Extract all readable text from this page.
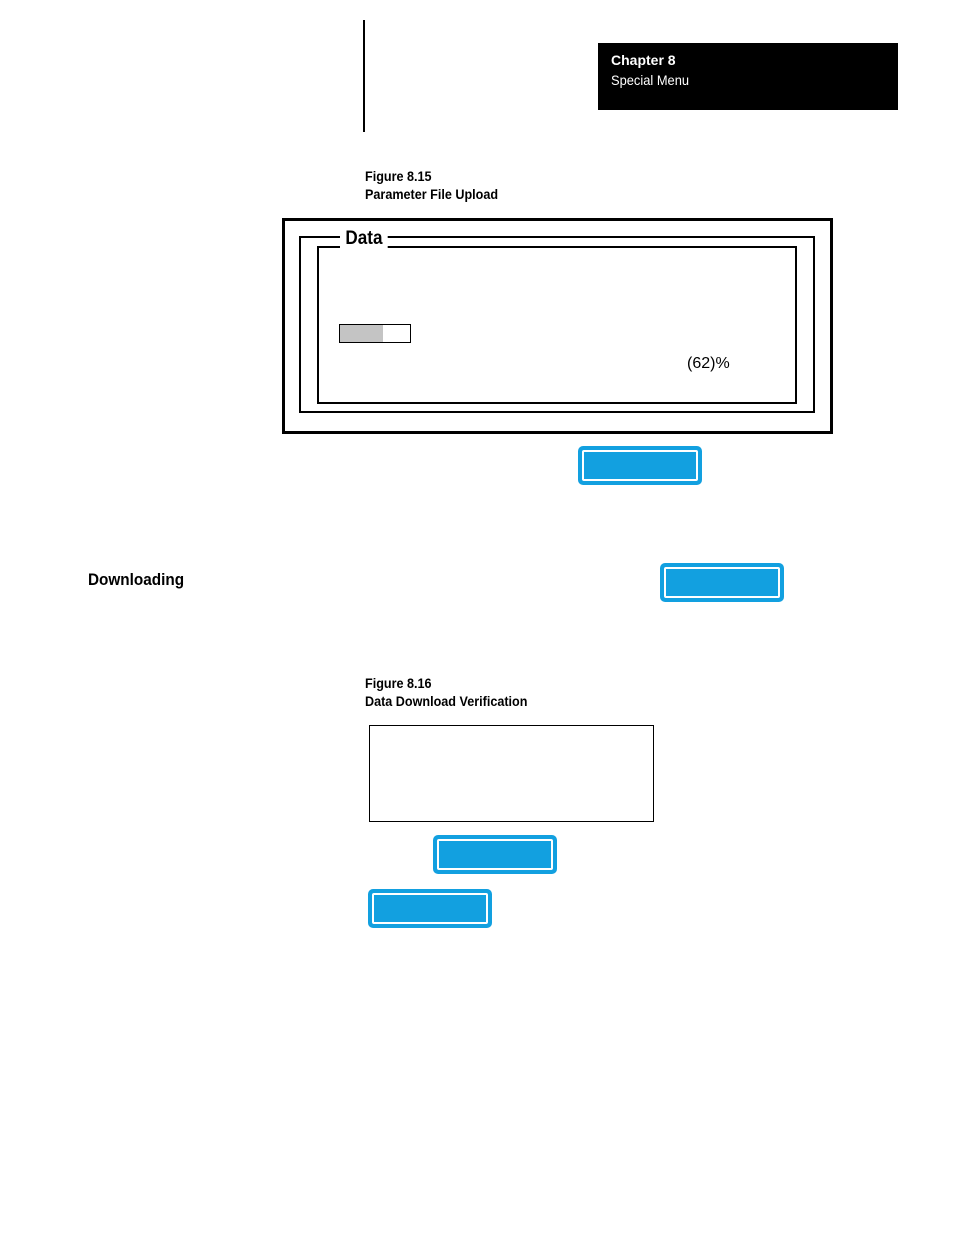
Chapter 8
Special Menu
Figure 8.15
Parameter File Upload
Data
(62)%
Downloading
Figure 8.16
Data Download Verification
